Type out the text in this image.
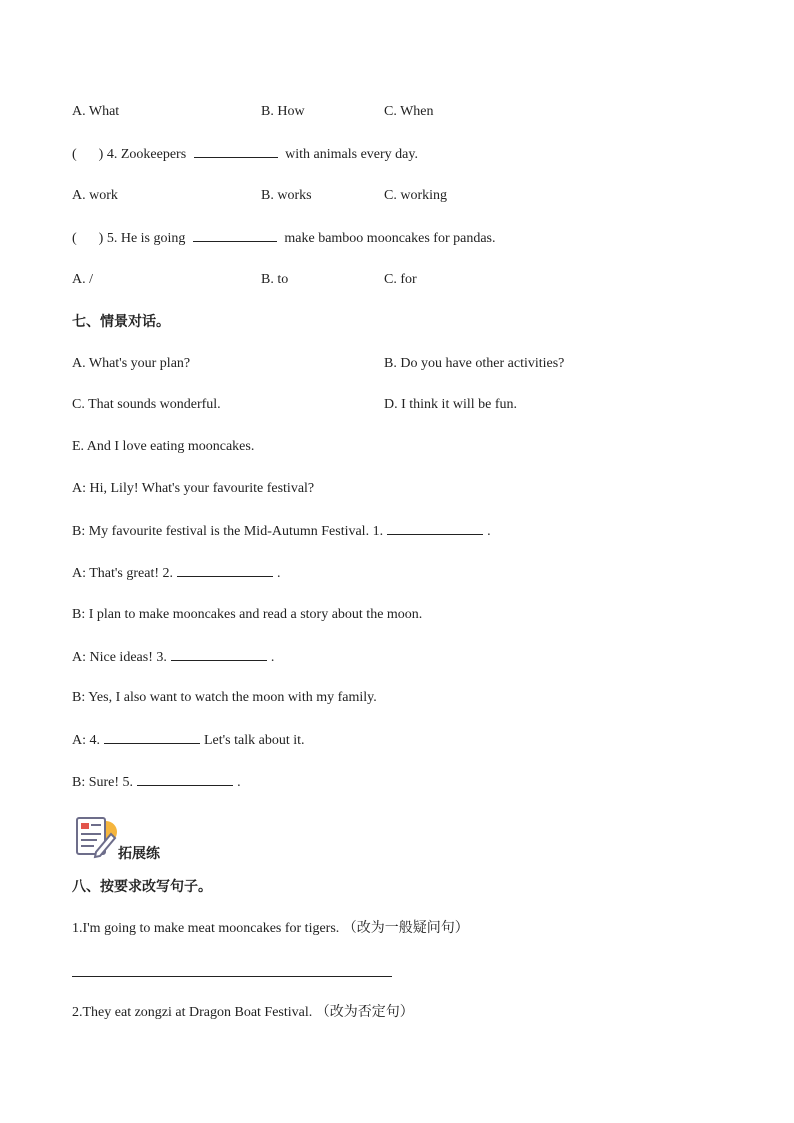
A. What	B. How	C. When
( ) 4. Zookeepers	with animals every day.
A. work	B. works	C. working
( ) 5. He is going	make bamboo mooncakes for pandas.
A. /	B. to	C. for
七、情景对话。
A. What's your plan?	B. Do you have other activities?
C. That sounds wonderful.	D. I think it will be fun.
E. And I love eating mooncakes.
A: Hi, Lily! What's your favourite festival?
B: My favourite festival is the Mid-Autumn Festival. 1.	.
A: That's great! 2.	.
B: I plan to make mooncakes and read a story about the moon.
A: Nice ideas! 3.	.
B: Yes, I also want to watch the moon with my family.
A: 4.	Let's talk about it.
B: Sure! 5.	.
拓展练
八、按要求改写句子。
1.I'm going to make meat mooncakes for tigers. （改为一般疑问句）
2.They eat zongzi at Dragon Boat Festival. （改为否定句）
